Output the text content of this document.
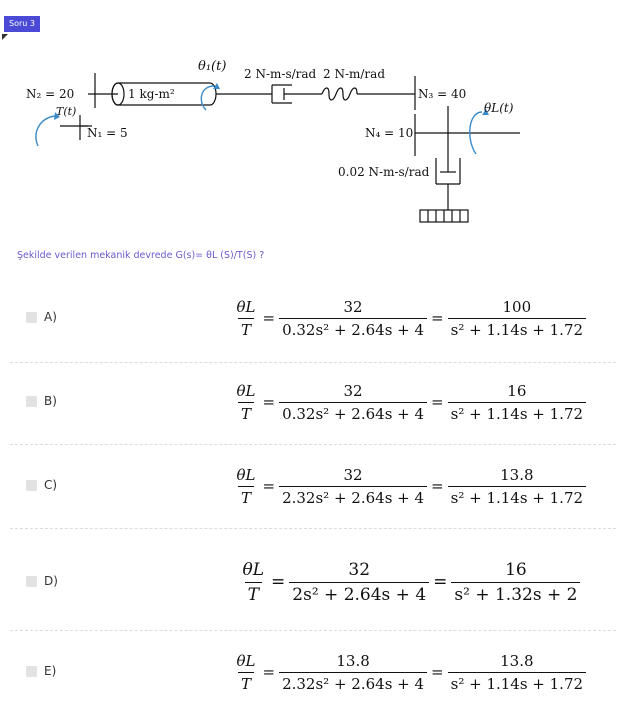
Soru 3
N₂ = 20
N₁ = 5
T(t)
1 kg-m²
θ₁(t) 2 N-m-s/rad 2 N-m/rad
N₃ = 40
N₄ = 10
θL(t)
0.02 N-m-s/rad
Şekilde verilen mekanik devrede G(s)= θL (S)/T(S) ?
A)	$\frac{\theta L}{T} = \frac{32}{\text{0.32s² + 2.64s + 4}} = \frac{100}{\text{s² + 1.14s + 1.72}}$
B)	$\frac{\theta L}{T} = \frac{32}{\text{0.32s² + 2.64s + 4}} = \frac{16}{\text{s² + 1.14s + 1.72}}$
C)	$\frac{\theta L}{T} = \frac{32}{\text{2.32s² + 2.64s + 4}} = \frac{13.8}{\text{s² + 1.14s + 1.72}}$
D)	$\frac{\theta L}{T} = \frac{32}{\text{2s² + 2.64s + 4}} = \frac{16}{\text{s² + 1.32s + 2}}$
E)	$\frac{\theta L}{T} = \frac{13.8}{\text{2.32s² + 2.64s + 4}} = \frac{13.8}{\text{s² + 1.14s + 1.72}}$
